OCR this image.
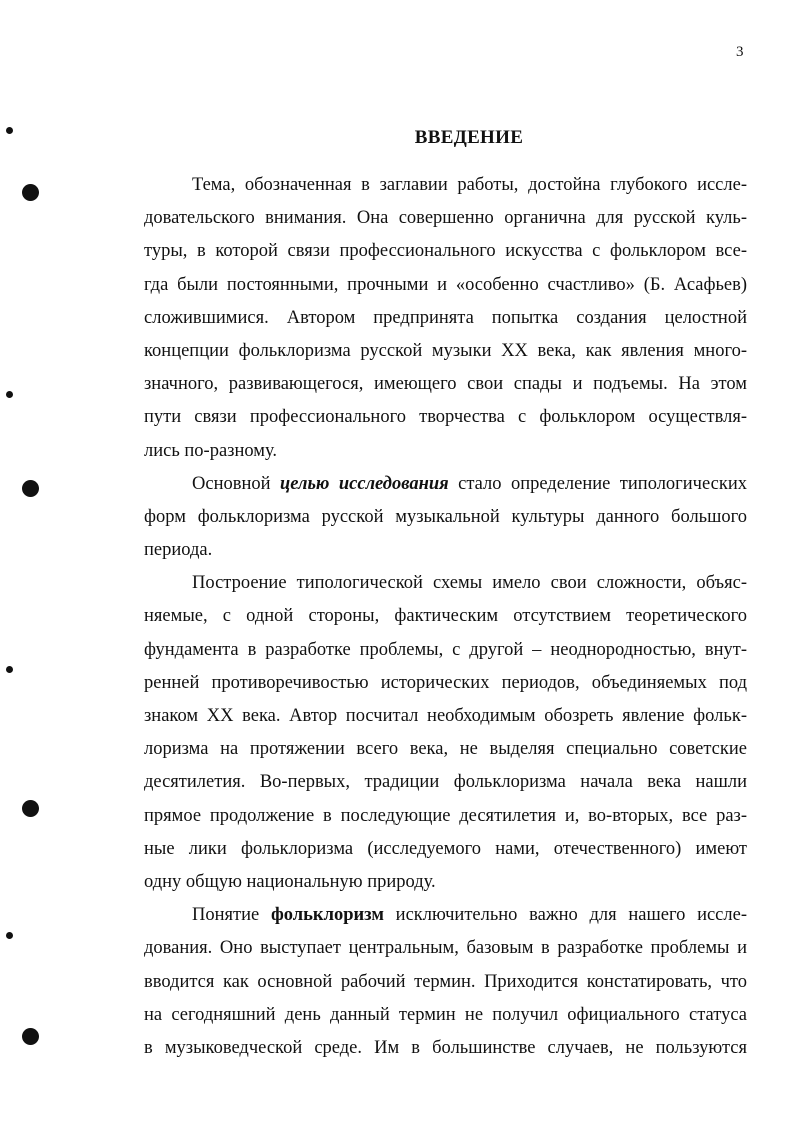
3
ВВЕДЕНИЕ
Тема, обозначенная в заглавии работы, достойна глубокого иссле-
довательского внимания. Она совершенно органична для русской куль-
туры, в которой связи профессионального искусства с фольклором все-
гда были постоянными, прочными и «особенно счастливо» (Б. Асафьев)
сложившимися. Автором предпринята попытка создания целостной
концепции фольклоризма русской музыки XX века, как явления много-
значного, развивающегося, имеющего свои спады и подъемы. На этом
пути связи профессионального творчества с фольклором осуществля-
лись по-разному.
Основной целью исследования стало определение типологических
форм фольклоризма русской музыкальной культуры данного большого
периода.
Построение типологической схемы имело свои сложности, объяс-
няемые, с одной стороны, фактическим отсутствием теоретического
фундамента в разработке проблемы, с другой – неоднородностью, внут-
ренней противоречивостью исторических периодов, объединяемых под
знаком XX века. Автор посчитал необходимым обозреть явление фольк-
лоризма на протяжении всего века, не выделяя специально советские
десятилетия. Во-первых, традиции фольклоризма начала века нашли
прямое продолжение в последующие десятилетия и, во-вторых, все раз-
ные лики фольклоризма (исследуемого нами, отечественного) имеют
одну общую национальную природу.
Понятие фольклоризм исключительно важно для нашего иссле-
дования. Оно выступает центральным, базовым в разработке проблемы и
вводится как основной рабочий термин. Приходится констатировать, что
на сегодняшний день данный термин не получил официального статуса
в музыковедческой среде. Им в большинстве случаев, не пользуются
